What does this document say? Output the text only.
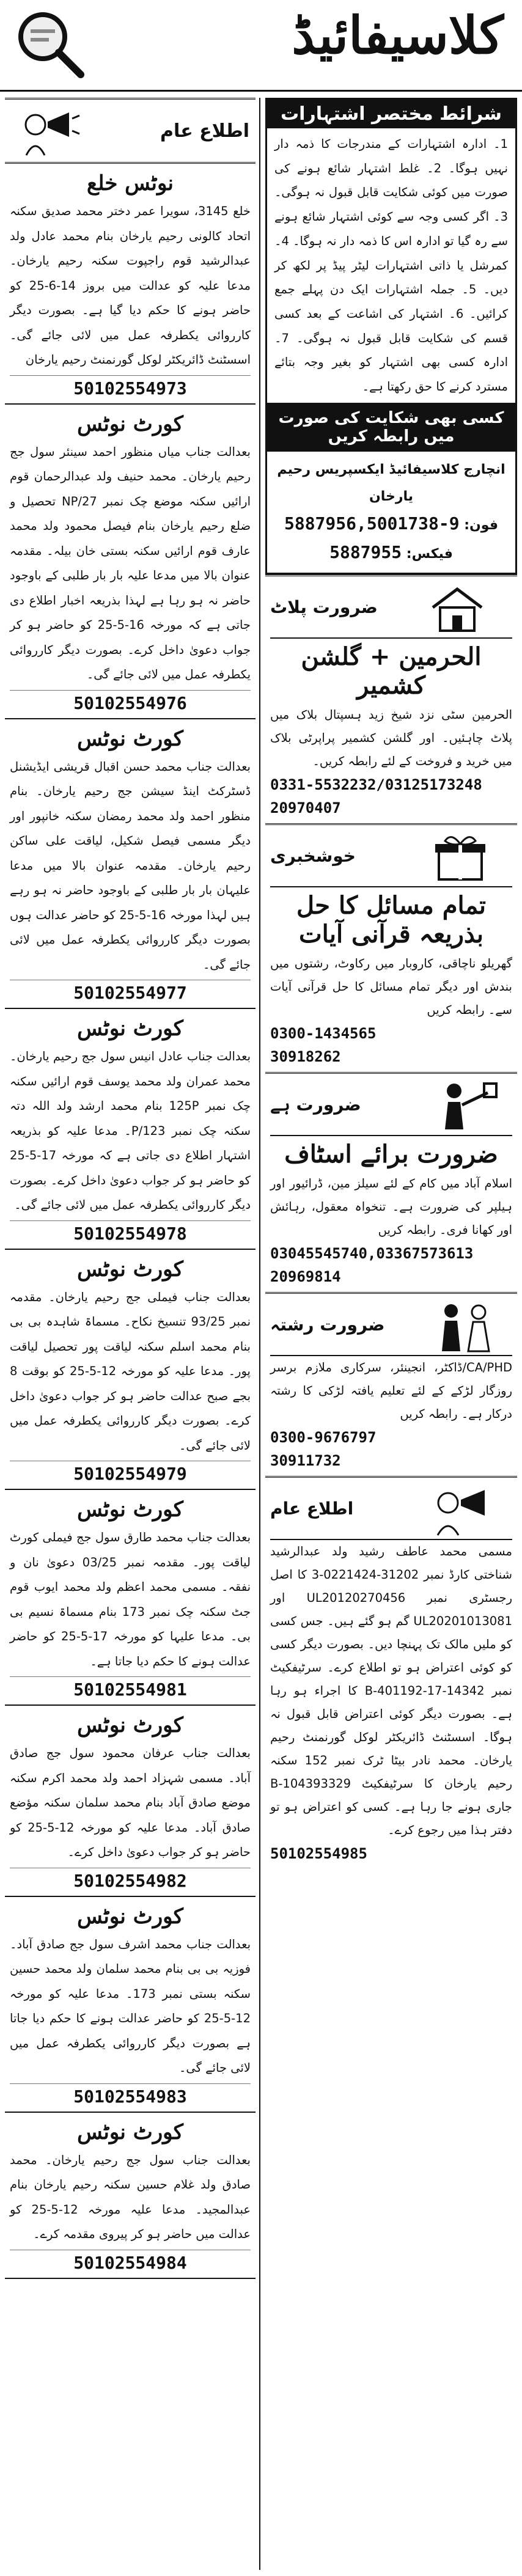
کلاسیفائیڈ
اطلاع عام
نوٹس خلع
خلع 3145، سویرا عمر دختر محمد صدیق سکنہ اتحاد کالونی رحیم یارخان بنام محمد عادل ولد عبدالرشید قوم راجپوت سکنہ رحیم یارخان۔ مدعا علیہ کو عدالت میں بروز 14-6-25 کو حاضر ہونے کا حکم دیا گیا ہے۔ بصورت دیگر کارروائی یکطرفہ عمل میں لائی جائے گی۔ اسسٹنٹ ڈائریکٹر لوکل گورنمنٹ رحیم یارخان
50102554973
کورٹ نوٹس
بعدالت جناب میاں منظور احمد سینئر سول جج رحیم یارخان۔ محمد حنیف ولد عبدالرحمان قوم ارائیں سکنہ موضع چک نمبر 27/NP تحصیل و ضلع رحیم یارخان بنام فیصل محمود ولد محمد عارف قوم ارائیں سکنہ بستی خان بیلہ۔ مقدمہ عنوان بالا میں مدعا علیہ بار بار طلبی کے باوجود حاضر نہ ہو رہا ہے لہذا بذریعہ اخبار اطلاع دی جاتی ہے کہ مورخہ 16-5-25 کو حاضر ہو کر جواب دعویٰ داخل کرے۔ بصورت دیگر کارروائی یکطرفہ عمل میں لائی جائے گی۔
50102554976
کورٹ نوٹس
بعدالت جناب محمد حسن اقبال قریشی ایڈیشنل ڈسٹرکٹ اینڈ سیشن جج رحیم یارخان۔ بنام منظور احمد ولد محمد رمضان سکنہ خانپور اور دیگر مسمی فیصل شکیل، لیاقت علی ساکن رحیم یارخان۔ مقدمہ عنوان بالا میں مدعا علیہان بار بار طلبی کے باوجود حاضر نہ ہو رہے ہیں لہذا مورخہ 16-5-25 کو حاضر عدالت ہوں بصورت دیگر کارروائی یکطرفہ عمل میں لائی جائے گی۔
50102554977
کورٹ نوٹس
بعدالت جناب عادل انیس سول جج رحیم یارخان۔ محمد عمران ولد محمد یوسف قوم ارائیں سکنہ چک نمبر 125P بنام محمد ارشد ولد اللہ دتہ سکنہ چک نمبر 123/P۔ مدعا علیہ کو بذریعہ اشتہار اطلاع دی جاتی ہے کہ مورخہ 17-5-25 کو حاضر ہو کر جواب دعویٰ داخل کرے۔ بصورت دیگر کارروائی یکطرفہ عمل میں لائی جائے گی۔
50102554978
کورٹ نوٹس
بعدالت جناب فیملی جج رحیم یارخان۔ مقدمہ نمبر 93/25 تنسیخ نکاح۔ مسماۃ شاہدہ بی بی بنام محمد اسلم سکنہ لیاقت پور تحصیل لیاقت پور۔ مدعا علیہ کو مورخہ 12-5-25 کو بوقت 8 بجے صبح عدالت حاضر ہو کر جواب دعویٰ داخل کرے۔ بصورت دیگر کارروائی یکطرفہ عمل میں لائی جائے گی۔
50102554979
کورٹ نوٹس
بعدالت جناب محمد طارق سول جج فیملی کورٹ لیاقت پور۔ مقدمہ نمبر 03/25 دعویٰ نان و نفقہ۔ مسمی محمد اعظم ولد محمد ایوب قوم جٹ سکنہ چک نمبر 173 بنام مسماۃ نسیم بی بی۔ مدعا علیہا کو مورخہ 17-5-25 کو حاضر عدالت ہونے کا حکم دیا جاتا ہے۔
50102554981
کورٹ نوٹس
بعدالت جناب عرفان محمود سول جج صادق آباد۔ مسمی شہزاد احمد ولد محمد اکرم سکنہ موضع صادق آباد بنام محمد سلمان سکنہ مؤضع صادق آباد۔ مدعا علیہ کو مورخہ 12-5-25 کو حاضر ہو کر جواب دعویٰ داخل کرے۔
50102554982
کورٹ نوٹس
بعدالت جناب محمد اشرف سول جج صادق آباد۔ فوزیہ بی بی بنام محمد سلمان ولد محمد حسین سکنہ بستی نمبر 173۔ مدعا علیہ کو مورخہ 12-5-25 کو حاضر عدالت ہونے کا حکم دیا جاتا ہے بصورت دیگر کارروائی یکطرفہ عمل میں لائی جائے گی۔
50102554983
کورٹ نوٹس
بعدالت جناب سول جج رحیم یارخان۔ محمد صادق ولد غلام حسین سکنہ رحیم یارخان بنام عبدالمجید۔ مدعا علیہ مورخہ 12-5-25 کو عدالت میں حاضر ہو کر پیروی مقدمہ کرے۔
50102554984
شرائط مختصر اشتہارات
1۔ ادارہ اشتہارات کے مندرجات کا ذمہ دار نہیں ہوگا۔ 2۔ غلط اشتہار شائع ہونے کی صورت میں کوئی شکایت قابل قبول نہ ہوگی۔ 3۔ اگر کسی وجہ سے کوئی اشتہار شائع ہونے سے رہ گیا تو ادارہ اس کا ذمہ دار نہ ہوگا۔ 4۔ کمرشل یا ذاتی اشتہارات لیٹر پیڈ پر لکھ کر دیں۔ 5۔ جملہ اشتہارات ایک دن پہلے جمع کرائیں۔ 6۔ اشتہار کی اشاعت کے بعد کسی قسم کی شکایت قابل قبول نہ ہوگی۔ 7۔ ادارہ کسی بھی اشتہار کو بغیر وجہ بتائے مسترد کرنے کا حق رکھتا ہے۔
کسی بھی شکایت کی صورت میں رابطہ کریں
انچارج کلاسیفائیڈ ایکسپریس رحیم یارخان
فون: 5887956,5001738-9
فیکس: 5887955
ضرورت پلاٹ
الحرمین + گلشن کشمیر
الحرمین سٹی نزد شیخ زید ہسپتال بلاک میں پلاٹ چاہئیں۔ اور گلشن کشمیر پراپرٹی بلاک میں خرید و فروخت کے لئے رابطہ کریں۔
0331-5532232/03125173248
20970407
خوشخبری
تمام مسائل کا حل بذریعہ قرآنی آیات
گھریلو ناچاقی، کاروبار میں رکاوٹ، رشتوں میں بندش اور دیگر تمام مسائل کا حل قرآنی آیات سے۔ رابطہ کریں
0300-1434565
30918262
ضرورت ہے
ضرورت برائے اسٹاف
اسلام آباد میں کام کے لئے سیلز مین، ڈرائیور اور ہیلپر کی ضرورت ہے۔ تنخواہ معقول، رہائش اور کھانا فری۔ رابطہ کریں
03045545740,03367573613
20969814
ضرورت رشتہ
CA/PHD/ڈاکٹر، انجینئر، سرکاری ملازم برسر روزگار لڑکے کے لئے تعلیم یافتہ لڑکی کا رشتہ درکار ہے۔ رابطہ کریں
0300-9676797
30911732
اطلاع عام
مسمی محمد عاطف رشید ولد عبدالرشید شناختی کارڈ نمبر 31202-0221424-3 کا اصل رجسٹری نمبر UL20120270456 اور UL20201013081 گم ہو گئے ہیں۔ جس کسی کو ملیں مالک تک پہنچا دیں۔ بصورت دیگر کسی کو کوئی اعتراض ہو تو اطلاع کرے۔ سرٹیفکیٹ نمبر B-401192-17-14342 کا اجراء ہو رہا ہے۔ بصورت دیگر کوئی اعتراض قابل قبول نہ ہوگا۔ اسسٹنٹ ڈائریکٹر لوکل گورنمنٹ رحیم یارخان۔ محمد نادر بیٹا ٹرک نمبر 152 سکنہ رحیم یارخان کا سرٹیفکیٹ B-104393329 جاری ہونے جا رہا ہے۔ کسی کو اعتراض ہو تو دفتر ہذا میں رجوع کرے۔
50102554985
